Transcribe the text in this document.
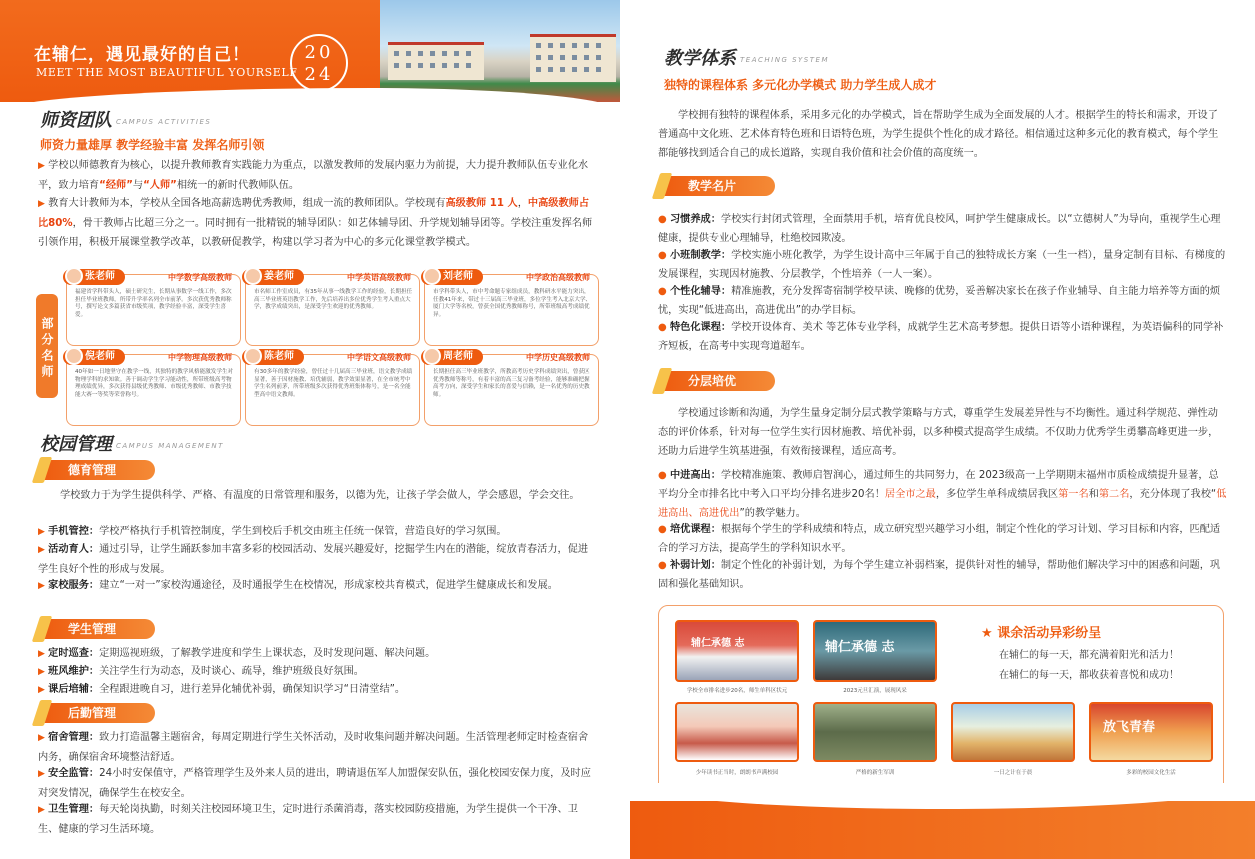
在辅仁，遇见最好的自己！
MEET THE MOST BEAUTIFUL YOURSELF
20
24
师资团队 CAMPUS ACTIVITIES
师资力量雄厚 教学经验丰富 发挥名师引领
▶ 学校以师德教育为核心，以提升教师教育实践能力为重点，以激发教师的发展内驱力为前提，大力提升教师队伍专业化水平，致力培育“经师”与“人师”相统一的新时代教师队伍。
▶ 教育大计教师为本，学校从全国各地高薪选聘优秀教师，组成一流的教师团队。学校现有高级教师 11 人，中高级教师占比80%，骨干教师占比超三分之一。同时拥有一批精锐的辅导团队：如艺体辅导团、升学规划辅导团等。学校注重发挥名师引领作用，积极开展课堂教学改革，以教研促教学，构建以学习者为中心的多元化课堂教学模式。
部分名师
张老师	中学数学高级教师
福建省学科带头人，硕士研究生，长期从事数学一线工作，多次担任毕业班教师，所带升学率名列全市前茅。多次获优秀教师称号，撰写论文多篇获省市级奖项，教学经验丰富，深受学生喜爱。
姜老师	中学英语高级教师
市名师工作室成员，有35年从事一线教学工作的经验，长期担任高三毕业班英语教学工作，先后培养出多位优秀学生考入重点大学，教学成绩突出，是深受学生欢迎的优秀教师。
刘老师	中学政治高级教师
市学科带头人，市中考命题专家组成员，教科研水平能力突出，任教41年来，带过十三届高三毕业班，多位学生考入北京大学、厦门大学等名校，曾获全国优秀教师称号，所带班级高考成绩优异。
倪老师	中学物理高级教师
40年如一日地坚守在教学一线，其独特的教学风格能激发学生对物理学科的求知欲。善于调动学生学习能动性，所带班级高考物理成绩优异，多次获得县级优秀教师、市级优秀教师、市教学技能大赛一等奖等荣誉称号。
陈老师	中学语文高级教师
有30多年的教学经验，曾任过十几届高三毕业班，语文教学成绩显著，善于因材施教、培优辅弱，教学效果显著，在全市统考中学生名列前茅，所带班级多次获得优秀班集体称号，是一名全能型高中语文教师。
周老师	中学历史高级教师
长期担任高三毕业班教学，所教高考历史学科成绩突出，曾获区优秀教师等称号，有着丰富的高三复习备考经验，能够准确把握高考方向，深受学生和家长的喜爱与信赖，是一名优秀的历史教师。
校园管理 CAMPUS MANAGEMENT
德育管理
学校致力于为学生提供科学、严格、有温度的日常管理和服务，以德为先，让孩子学会做人，学会感恩，学会交往。
▶ 手机管控：学校严格执行手机管控制度，学生到校后手机交由班主任统一保管，营造良好的学习氛围。
▶ 活动育人：通过引导，让学生踊跃参加丰富多彩的校园活动、发展兴趣爱好，挖掘学生内在的潜能，绽放青春活力，促进学生良好个性的形成与发展。
▶ 家校服务：建立“一对一”家校沟通途径，及时通报学生在校情况，形成家校共育模式，促进学生健康成长和发展。
学生管理
▶ 定时巡查：定期巡视班级，了解教学进度和学生上课状态，及时发现问题、解决问题。
▶ 班风维护：关注学生行为动态，及时谈心、疏导，维护班级良好氛围。
▶ 课后培辅：全程跟进晚自习，进行差异化辅优补弱，确保知识学习“日清堂结”。
后勤管理
▶ 宿舍管理：致力打造温馨主题宿舍，每周定期进行学生关怀活动，及时收集问题并解决问题。生活管理老师定时检查宿舍内务，确保宿舍环境整洁舒适。
▶ 安全监管：24小时安保值守，严格管理学生及外来人员的进出，聘请退伍军人加盟保安队伍，强化校园安保力度，及时应对突发情况，确保学生在校安全。
▶ 卫生管理：每天轮岗执勤，时刻关注校园环境卫生，定时进行杀菌消毒，落实校园防疫措施，为学生提供一个干净、卫生、健康的学习生活环境。
教学体系 TEACHING SYSTEM
独特的课程体系 多元化办学模式 助力学生成人成才
学校拥有独特的课程体系，采用多元化的办学模式，旨在帮助学生成为全面发展的人才。根据学生的特长和需求，开设了普通高中文化班、艺术体育特色班和日语特色班，为学生提供个性化的成才路径。相信通过这种多元化的教育模式，每个学生都能够找到适合自己的成长道路，实现自我价值和社会价值的高度统一。
教学名片
● 习惯养成：学校实行封闭式管理，全面禁用手机，培育优良校风，呵护学生健康成长。以“立德树人”为导向，重视学生心理健康，提供专业心理辅导，杜绝校园欺凌。
● 小班制教学：学校实施小班化教学，为学生设计高中三年属于自己的独特成长方案（一生一档），量身定制有目标、有梯度的发展课程，实现因材施教、分层教学，个性培养（一人一案）。
● 个性化辅导：精准施教，充分发挥寄宿制学校早读、晚修的优势，妥善解决家长在孩子作业辅导、自主能力培养等方面的烦忧，实现“低进高出，高进优出”的办学目标。
● 特色化课程：学校开设体育、美术 等艺体专业学科，成就学生艺术高考梦想。提供日语等小语种课程，为英语偏科的同学补齐短板，在高考中实现弯道超车。
分层培优
学校通过诊断和沟通，为学生量身定制分层式教学策略与方式，尊重学生发展差异性与不均衡性。通过科学规范、弹性动态的评价体系，针对每一位学生实行因材施教、培优补弱，以多种模式提高学生成绩。不仅助力优秀学生勇攀高峰更进一步，还助力后进学生筑基进强，有效衔接课程，适应高考。
● 中进高出：学校精准施策、教师启智润心，通过师生的共同努力，在 2023级高一上学期期末福州市质检成绩提升显著，总平均分全市排名比中考入口平均分排名进步20名！居全市之最，多位学生单科成绩居我区第一名和第二名，充分体现了我校“低进高出、高进优出”的教学魅力。
● 培优课程：根据每个学生的学科成绩和特点，成立研究型兴趣学习小组，制定个性化的学习计划、学习目标和内容，匹配适合的学习方法，提高学生的学科知识水平。
● 补弱计划：制定个性化的补弱计划，为每个学生建立补弱档案，提供针对性的辅导，帮助他们解决学习中的困惑和问题，巩固和强化基础知识。
辅仁承德 志
学校全市排名进步20名，师生单科区状元
辅仁承德 志
2023元旦汇演，展现风采
★ 课余活动异彩纷呈
在辅仁的每一天，都充满着阳光和活力！
在辅仁的每一天，都收获着喜悦和成功！
少年读书正当时，朗朗书声满校园	严格的新生军训	一日之计在于晨
放飞青春
多彩的校园文化生活
